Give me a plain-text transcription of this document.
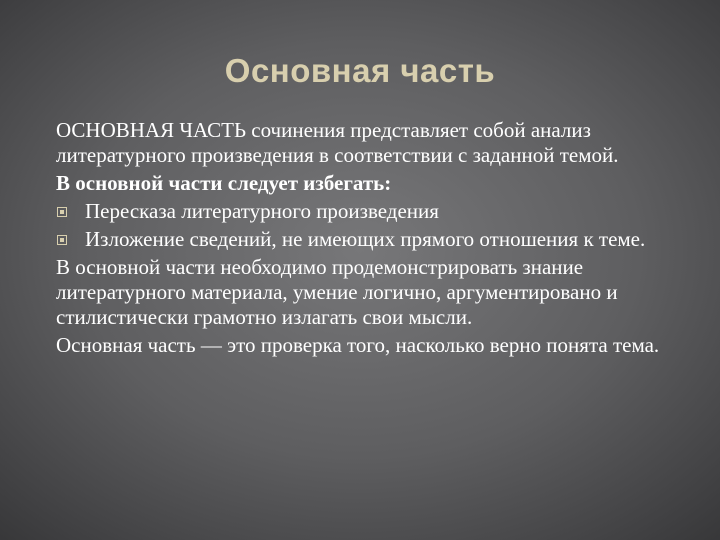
Основная часть

ОСНОВНАЯ ЧАСТЬ сочинения представляет собой анализ литературного произведения в соответствии с заданной темой.

В основной части следует избегать:

Пересказа литературного произведения
Изложение сведений, не имеющих прямого отношения к теме.

В основной части необходимо продемонстрировать знание литературного материала, умение логично, аргументировано и стилистически грамотно излагать свои мысли.

Основная часть — это проверка того, насколько верно понята тема.
